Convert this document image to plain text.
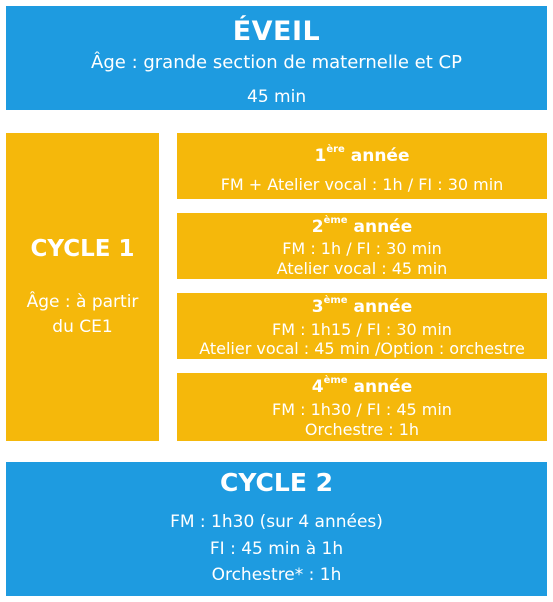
ÉVEIL
Âge : grande section de maternelle et CP
45 min
CYCLE 1
Âge : à partir
du CE1
1ère année
FM + Atelier vocal : 1h / FI : 30 min
2ème année
FM : 1h / FI : 30 min
Atelier vocal : 45 min
3ème année
FM : 1h15 / FI : 30 min
Atelier vocal : 45 min /Option : orchestre
4ème année
FM : 1h30 / FI : 45 min
Orchestre : 1h
CYCLE 2
FM : 1h30 (sur 4 années)
FI : 45 min à 1h
Orchestre* : 1h
